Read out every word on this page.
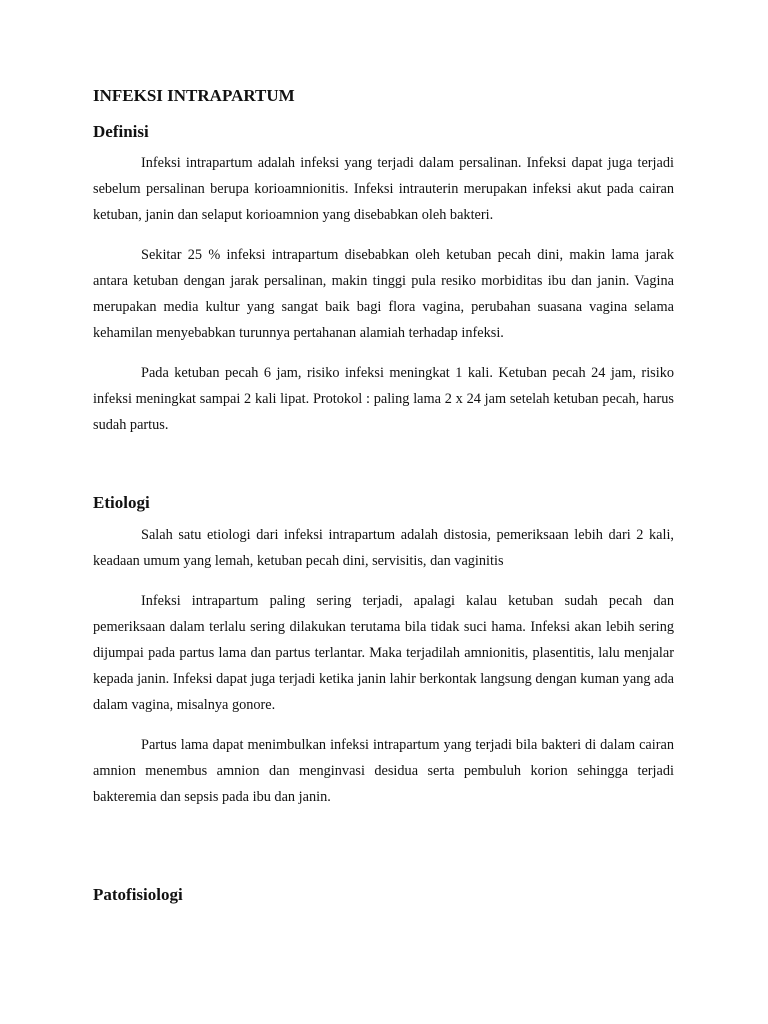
INFEKSI INTRAPARTUM
Definisi

Infeksi intrapartum adalah infeksi yang terjadi dalam persalinan. Infeksi dapat juga terjadi sebelum persalinan berupa korioamnionitis. Infeksi intrauterin merupakan infeksi akut pada cairan ketuban, janin dan selaput korioamnion yang disebabkan oleh bakteri.

Sekitar 25 % infeksi intrapartum disebabkan oleh ketuban pecah dini, makin lama jarak antara ketuban dengan jarak persalinan, makin tinggi pula resiko morbiditas ibu dan janin. Vagina merupakan media kultur yang sangat baik bagi flora vagina, perubahan suasana vagina selama kehamilan menyebabkan turunnya pertahanan alamiah terhadap infeksi.

Pada ketuban pecah 6 jam, risiko infeksi meningkat 1 kali. Ketuban pecah 24 jam, risiko infeksi meningkat sampai 2 kali lipat. Protokol : paling lama 2 x 24 jam setelah ketuban pecah, harus sudah partus.

Etiologi

Salah satu etiologi dari infeksi intrapartum adalah distosia, pemeriksaan lebih dari 2 kali, keadaan umum yang lemah, ketuban pecah dini, servisitis, dan vaginitis

Infeksi intrapartum paling sering terjadi, apalagi kalau ketuban sudah pecah dan pemeriksaan dalam terlalu sering dilakukan terutama bila tidak suci hama. Infeksi akan lebih sering dijumpai pada partus lama dan partus terlantar. Maka terjadilah amnionitis, plasentitis, lalu menjalar kepada janin. Infeksi dapat juga terjadi ketika janin lahir berkontak langsung dengan kuman yang ada dalam vagina, misalnya gonore.

Partus lama dapat menimbulkan infeksi intrapartum yang terjadi bila bakteri di dalam cairan amnion menembus amnion dan menginvasi desidua serta pembuluh korion sehingga terjadi bakteremia dan sepsis pada ibu dan janin.

Patofisiologi
